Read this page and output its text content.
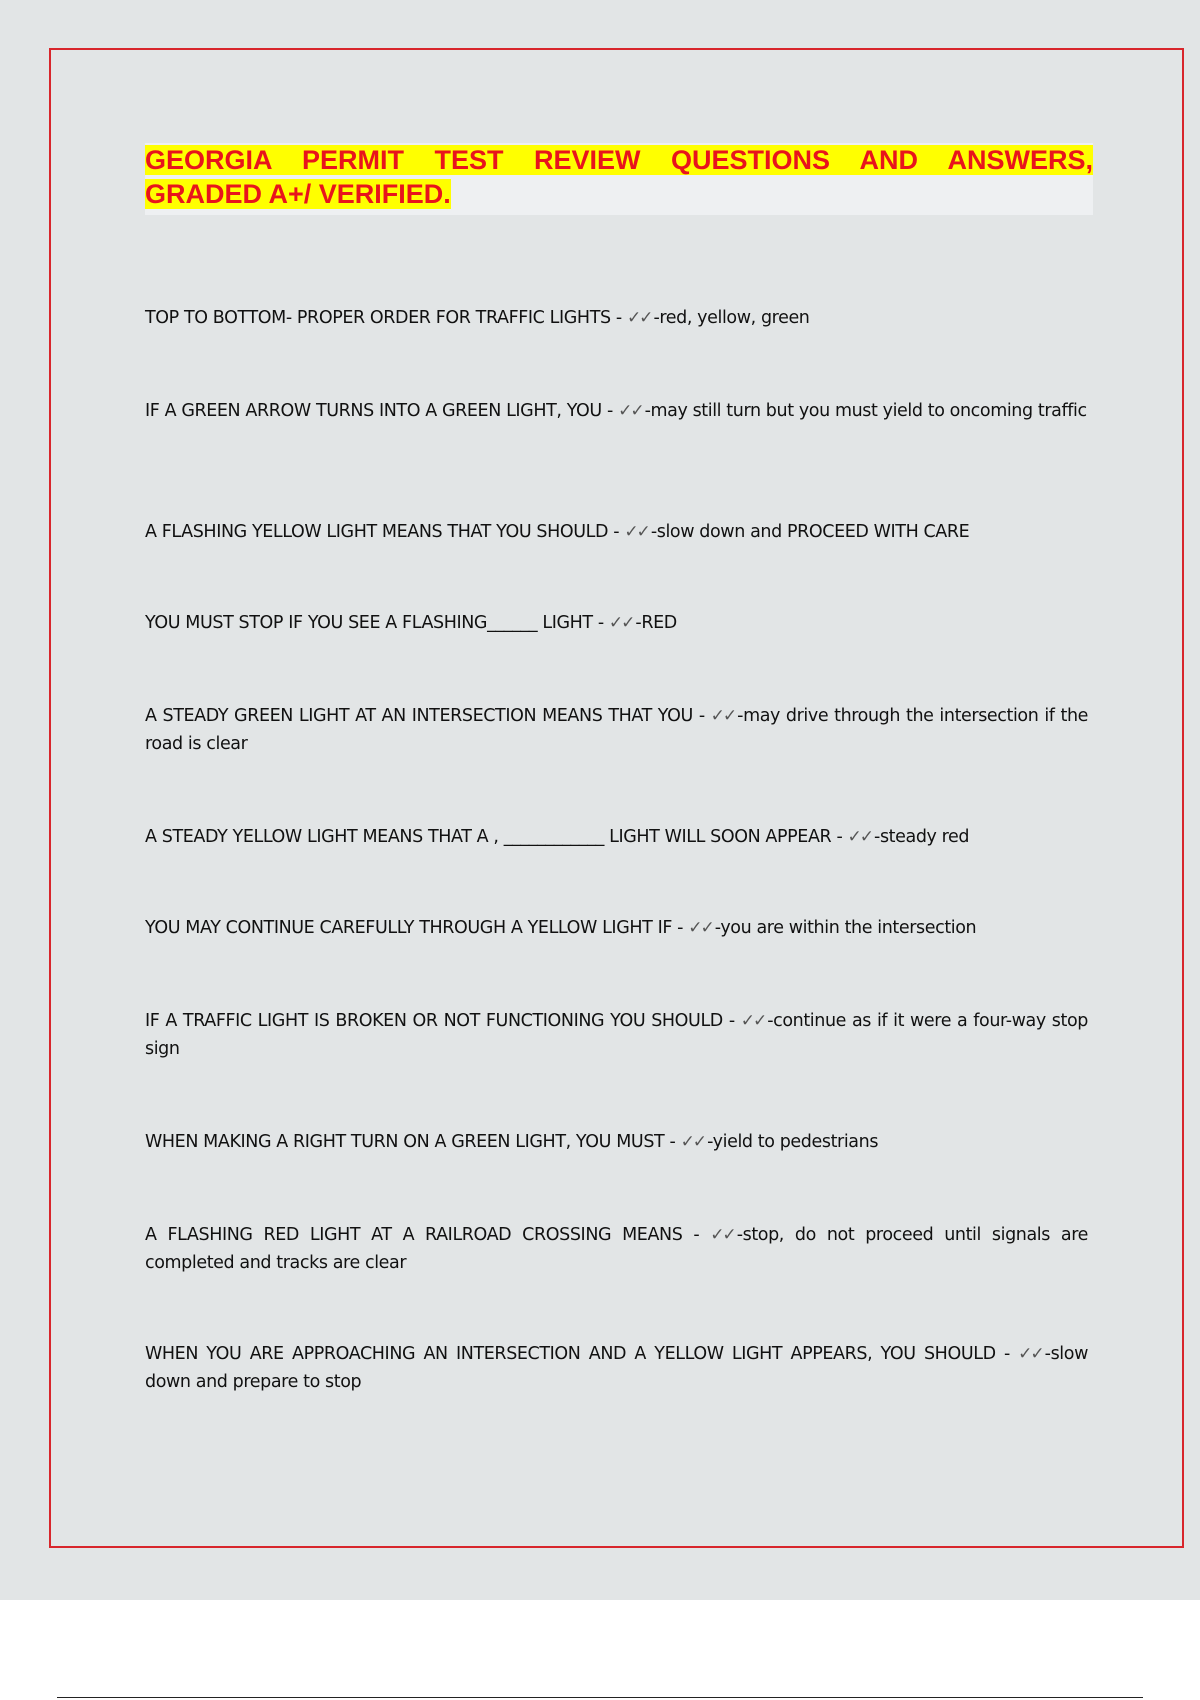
GEORGIA PERMIT TEST REVIEW QUESTIONS AND ANSWERS,
GRADED A+/ VERIFIED.

TOP TO BOTTOM- PROPER ORDER FOR TRAFFIC LIGHTS - ✓✓ -red, yellow, green

IF A GREEN ARROW TURNS INTO A GREEN LIGHT, YOU - ✓✓ -may still turn but you must yield to oncoming traffic

A FLASHING YELLOW LIGHT MEANS THAT YOU SHOULD - ✓✓ -slow down and PROCEED WITH CARE

YOU MUST STOP IF YOU SEE A FLASHING______ LIGHT - ✓✓ -RED

A STEADY GREEN LIGHT AT AN INTERSECTION MEANS THAT YOU - ✓✓ -may drive through the intersection if the road is clear

A STEADY YELLOW LIGHT MEANS THAT A , ____________ LIGHT WILL SOON APPEAR - ✓✓ -steady red

YOU MAY CONTINUE CAREFULLY THROUGH A YELLOW LIGHT IF - ✓✓ -you are within the intersection

IF A TRAFFIC LIGHT IS BROKEN OR NOT FUNCTIONING YOU SHOULD - ✓✓ -continue as if it were a four-way stop sign

WHEN MAKING A RIGHT TURN ON A GREEN LIGHT, YOU MUST - ✓✓ -yield to pedestrians

A FLASHING RED LIGHT AT A RAILROAD CROSSING MEANS - ✓✓ -stop, do not proceed until signals are completed and tracks are clear

WHEN YOU ARE APPROACHING AN INTERSECTION AND A YELLOW LIGHT APPEARS, YOU SHOULD - ✓✓ -slow down and prepare to stop
